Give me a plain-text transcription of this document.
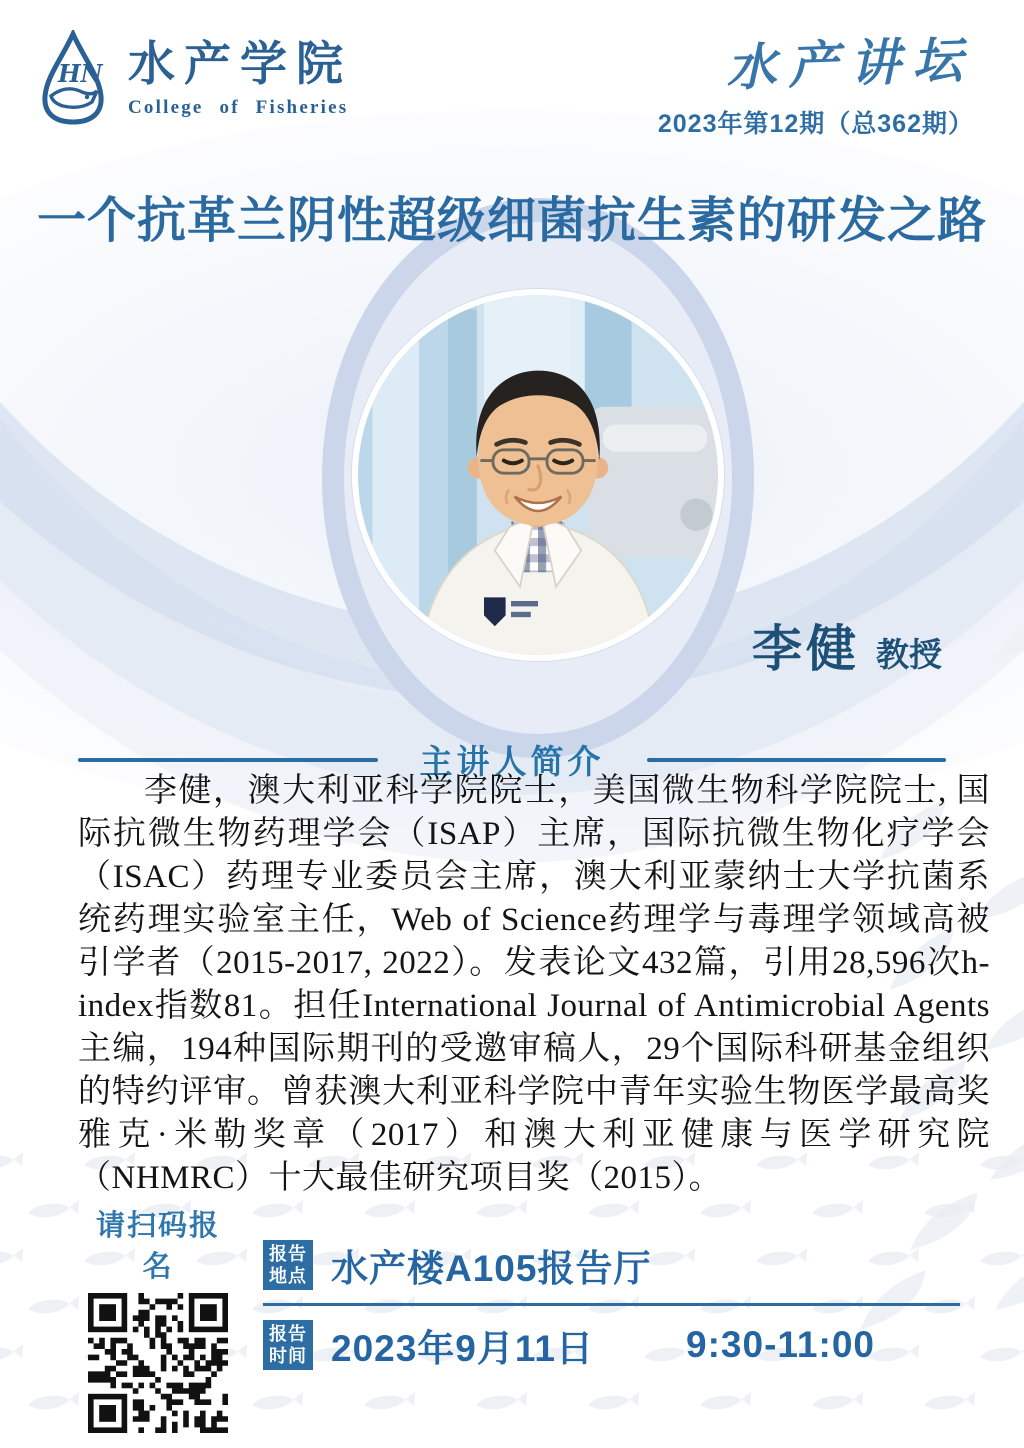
HN 水产学院
College of Fisheries
水产讲坛
2023年第12期（总362期）
一个抗革兰阴性超级细菌抗生素的研发之路
李健 教授
主讲人简介

李健，澳大利亚科学院院士，美国微生物科学院院士, 国际抗微生物药理学会（ISAP）主席，国际抗微生物化疗学会（ISAC）药理专业委员会主席，澳大利亚蒙纳士大学抗菌系统药理实验室主任，Web of Science药理学与毒理学领域高被引学者（2015-2017, 2022）。发表论文432篇，引用28,596次h-index指数81。担任International Journal of Antimicrobial Agents主编，194种国际期刊的受邀审稿人，29个国际科研基金组织的特约评审。曾获澳大利亚科学院中青年实验生物医学最高奖雅克·米勒奖章（2017）和澳大利亚健康与医学研究院（NHMRC）十大最佳研究项目奖（2015）。

请扫码报名	报告
地点 水产楼A105报告厅
报告
时间 2023年9月11日 9:30-11:00
